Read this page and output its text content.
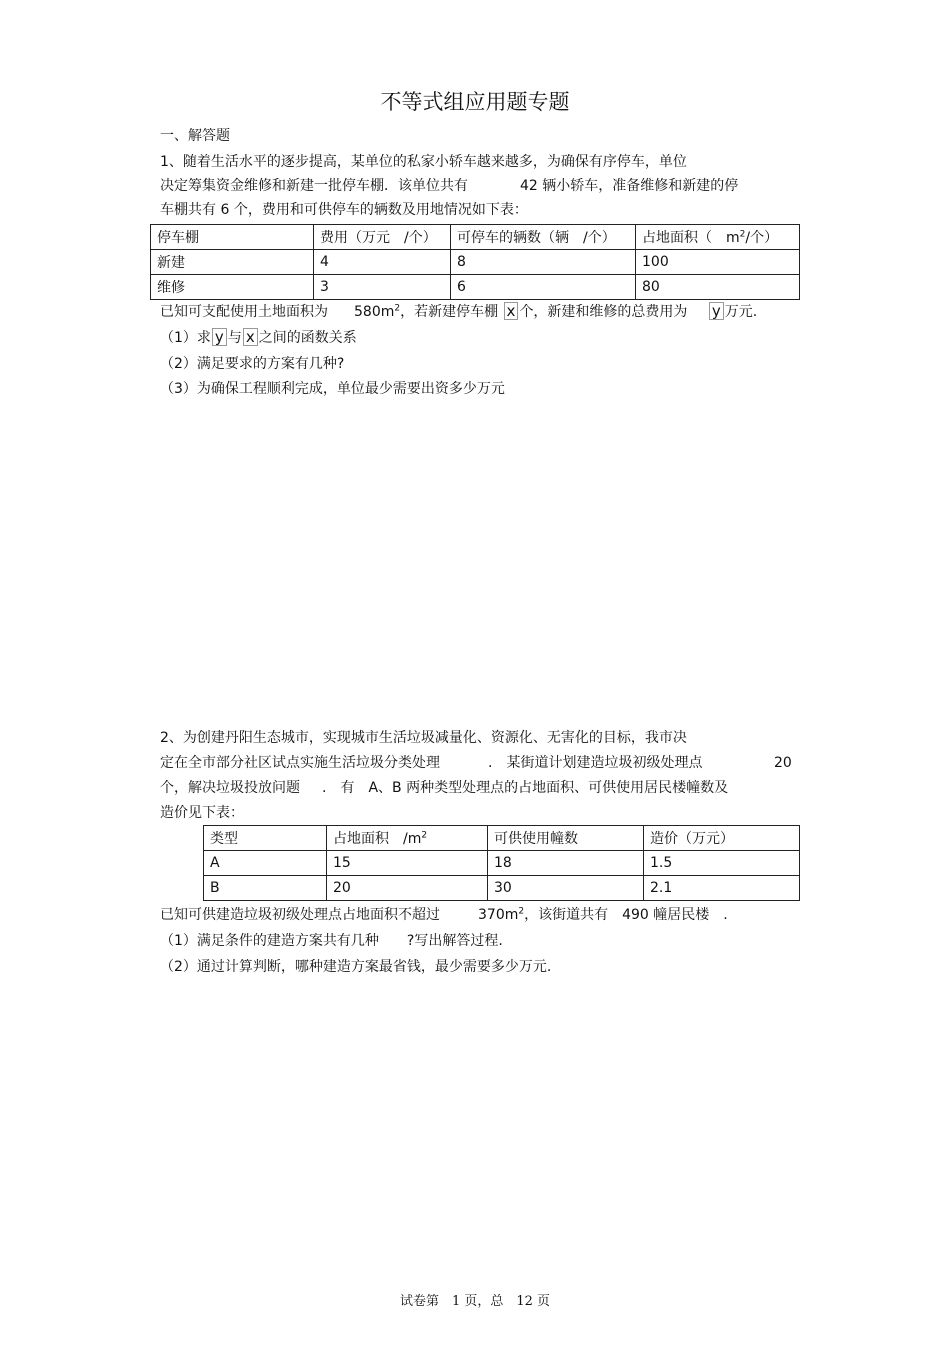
不等式组应用题专题
一、解答题
1、随着生活水平的逐步提高，某单位的私家小轿车越来越多，为确保有序停车，单位
决定筹集资金维修和新建一批停车棚．该单位共有	42 辆小轿车，准备维修和新建的停
车棚共有 6 个，费用和可供停车的辆数及用地情况如下表：
停车棚	费用（万元　/个）	可停车的辆数（辆　/个）	占地面积（　$m^2/$个）
新建	4	8	100
维修	3	6	80
已知可支配使用土地面积为 $580m^2$，若新建停车棚 x 个，新建和维修的总费用为 y 万元.
（1）求 y 与 x 之间的函数关系
（2）满足要求的方案有几种?
（3）为确保工程顺利完成，单位最少需要出资多少万元
2、为创建丹阳生态城市，实现城市生活垃圾减量化、资源化、无害化的目标，我市决
定在全市部分社区试点实施生活垃圾分类处理	.　某街道计划建造垃圾初级处理点	20
个，解决垃圾投放问题 .　有　A、B 两种类型处理点的占地面积、可供使用居民楼幢数及
造价见下表：
类型	占地面积　$/m^2$	可供使用幢数	造价（万元）
A	15	18	1.5
B	20	30	2.1
已知可供建造垃圾初级处理点占地面积不超过	$370m^2$，该街道共有 490 幢居民楼　.
（1）满足条件的建造方案共有几种　　?写出解答过程.
（2）通过计算判断，哪种建造方案最省钱，最少需要多少万元.
试卷第　1 页，总　12 页
